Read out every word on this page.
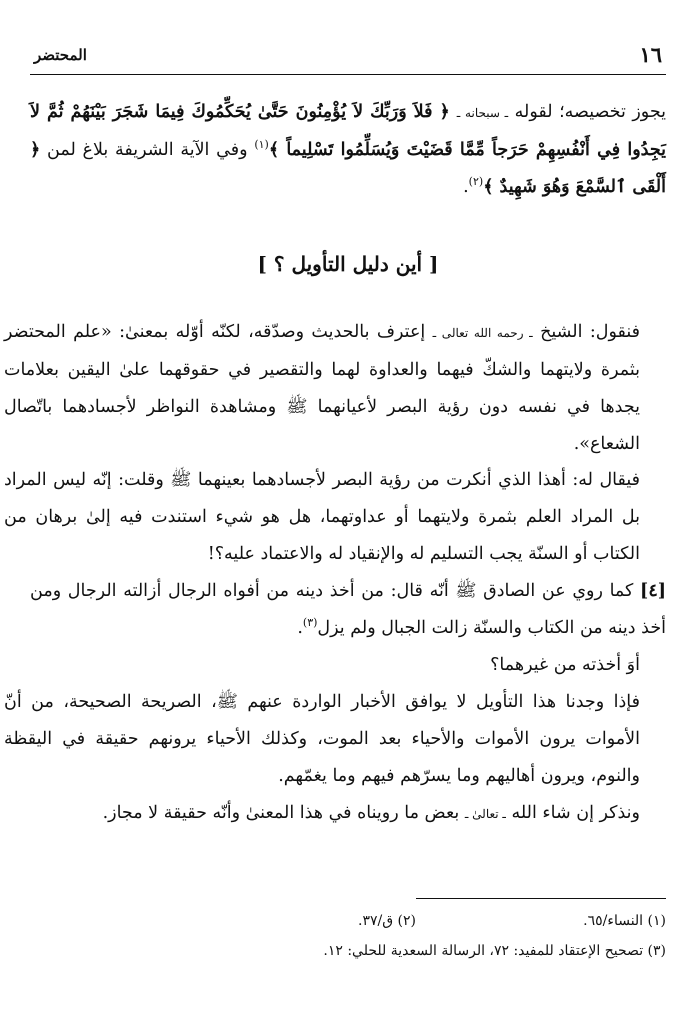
١٦
المحتضر
يجوز تخصيصه؛ لقوله ـ سبحانه ـ ﴿ فَلاَ وَرَبِّكَ لاَ يُؤْمِنُونَ حَتَّىٰ يُحَكِّمُوكَ فِيمَا شَجَرَ بَيْنَهُمْ ثُمَّ لاَ يَجِدُوا فِي أَنْفُسِهِمْ حَرَجاً مِّمَّا قَضَيْتَ وَيُسَلِّمُوا تَسْلِيماً ﴾$^{(١)}$ وفي الآية الشريفة بلاغ لمن ﴿ أَلْقَى ٱلسَّمْعَ وَهُوَ شَهِيدٌ ﴾$^{(٢)}$.
[ أين دليل التأويل ؟ ]
فنقول: الشيخ ـ رحمه الله تعالى ـ إعترف بالحديث وصدّقه، لكنّه أوّله بمعنىٰ: «علم المحتضر بثمرة ولايتهما والشكّ فيهما والعداوة لهما والتقصير في حقوقهما علىٰ اليقين بعلامات يجدها في نفسه دون رؤية البصر لأعيانهما ﷺ ومشاهدة النواظر لأجسادهما باتّصال الشعاع».
فيقال له: أهذا الذي أنكرت من رؤية البصر لأجسادهما بعينهما ﷺ وقلت: إنّه ليس المراد بل المراد العلم بثمرة ولايتهما أو عداوتهما، هل هو شيء استندت فيه إلىٰ برهان من الكتاب أو السنّة يجب التسليم له والإنقياد له والاعتماد عليه؟!
[٤] كما روي عن الصادق ﷺ أنّه قال: من أخذ دينه من أفواه الرجال أزالته الرجال ومن أخذ دينه من الكتاب والسنّة زالت الجبال ولم يزل$^{(٣)}$.
أوَ أخذته من غيرهما؟
فإذا وجدنا هذا التأويل لا يوافق الأخبار الواردة عنهم ﷺ، الصريحة الصحيحة، من أنّ الأموات يرون الأموات والأحياء بعد الموت، وكذلك الأحياء يرونهم حقيقة في اليقظة والنوم، ويرون أهاليهم وما يسرّهم فيهم وما يغمّهم.
ونذكر إن شاء الله ـ تعالىٰ ـ بعض ما رويناه في هذا المعنىٰ وأنّه حقيقة لا مجاز.
(١) النساء/٦٥.
(٢) ق/٣٧.
(٣) تصحيح الإعتقاد للمفيد: ٧٢، الرسالة السعدية للحلي: ١٢.
